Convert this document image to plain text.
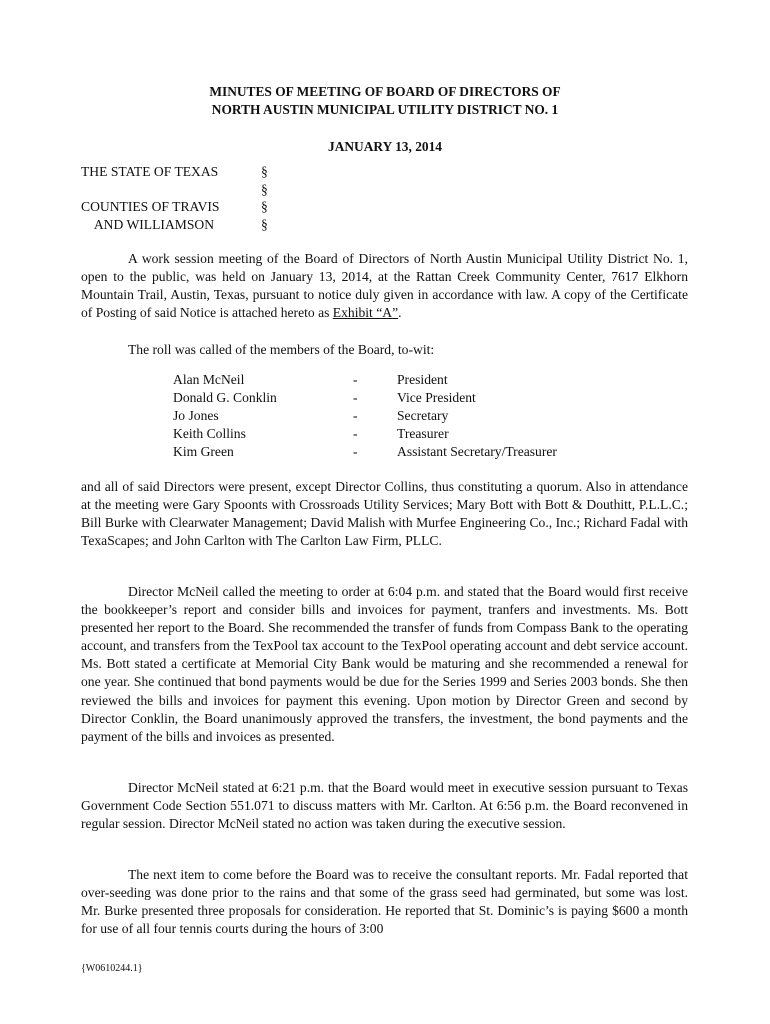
MINUTES OF MEETING OF BOARD OF DIRECTORS OF
NORTH AUSTIN MUNICIPAL UTILITY DISTRICT NO. 1
JANUARY 13, 2014
THE STATE OF TEXAS	§
§
COUNTIES OF TRAVIS	§
AND WILLIAMSON	§

A work session meeting of the Board of Directors of North Austin Municipal Utility District No. 1, open to the public, was held on January 13, 2014, at the Rattan Creek Community Center, 7617 Elkhorn Mountain Trail, Austin, Texas, pursuant to notice duly given in accordance with law. A copy of the Certificate of Posting of said Notice is attached hereto as Exhibit “A”.

The roll was called of the members of the Board, to-wit:

Alan McNeil	-	President
Donald G. Conklin	-	Vice President
Jo Jones	-	Secretary
Keith Collins	-	Treasurer
Kim Green	-	Assistant Secretary/Treasurer

and all of said Directors were present, except Director Collins, thus constituting a quorum. Also in attendance at the meeting were Gary Spoonts with Crossroads Utility Services; Mary Bott with Bott & Douthitt, P.L.L.C.; Bill Burke with Clearwater Management; David Malish with Murfee Engineering Co., Inc.; Richard Fadal with TexaScapes; and John Carlton with The Carlton Law Firm, PLLC.

Director McNeil called the meeting to order at 6:04 p.m. and stated that the Board would first receive the bookkeeper’s report and consider bills and invoices for payment, tranfers and investments. Ms. Bott presented her report to the Board. She recommended the transfer of funds from Compass Bank to the operating account, and transfers from the TexPool tax account to the TexPool operating account and debt service account. Ms. Bott stated a certificate at Memorial City Bank would be maturing and she recommended a renewal for one year. She continued that bond payments would be due for the Series 1999 and Series 2003 bonds. She then reviewed the bills and invoices for payment this evening. Upon motion by Director Green and second by Director Conklin, the Board unanimously approved the transfers, the investment, the bond payments and the payment of the bills and invoices as presented.

Director McNeil stated at 6:21 p.m. that the Board would meet in executive session pursuant to Texas Government Code Section 551.071 to discuss matters with Mr. Carlton. At 6:56 p.m. the Board reconvened in regular session. Director McNeil stated no action was taken during the executive session.

The next item to come before the Board was to receive the consultant reports. Mr. Fadal reported that over-seeding was done prior to the rains and that some of the grass seed had germinated, but some was lost. Mr. Burke presented three proposals for consideration. He reported that St. Dominic’s is paying $600 a month for use of all four tennis courts during the hours of 3:00

{W0610244.1}
